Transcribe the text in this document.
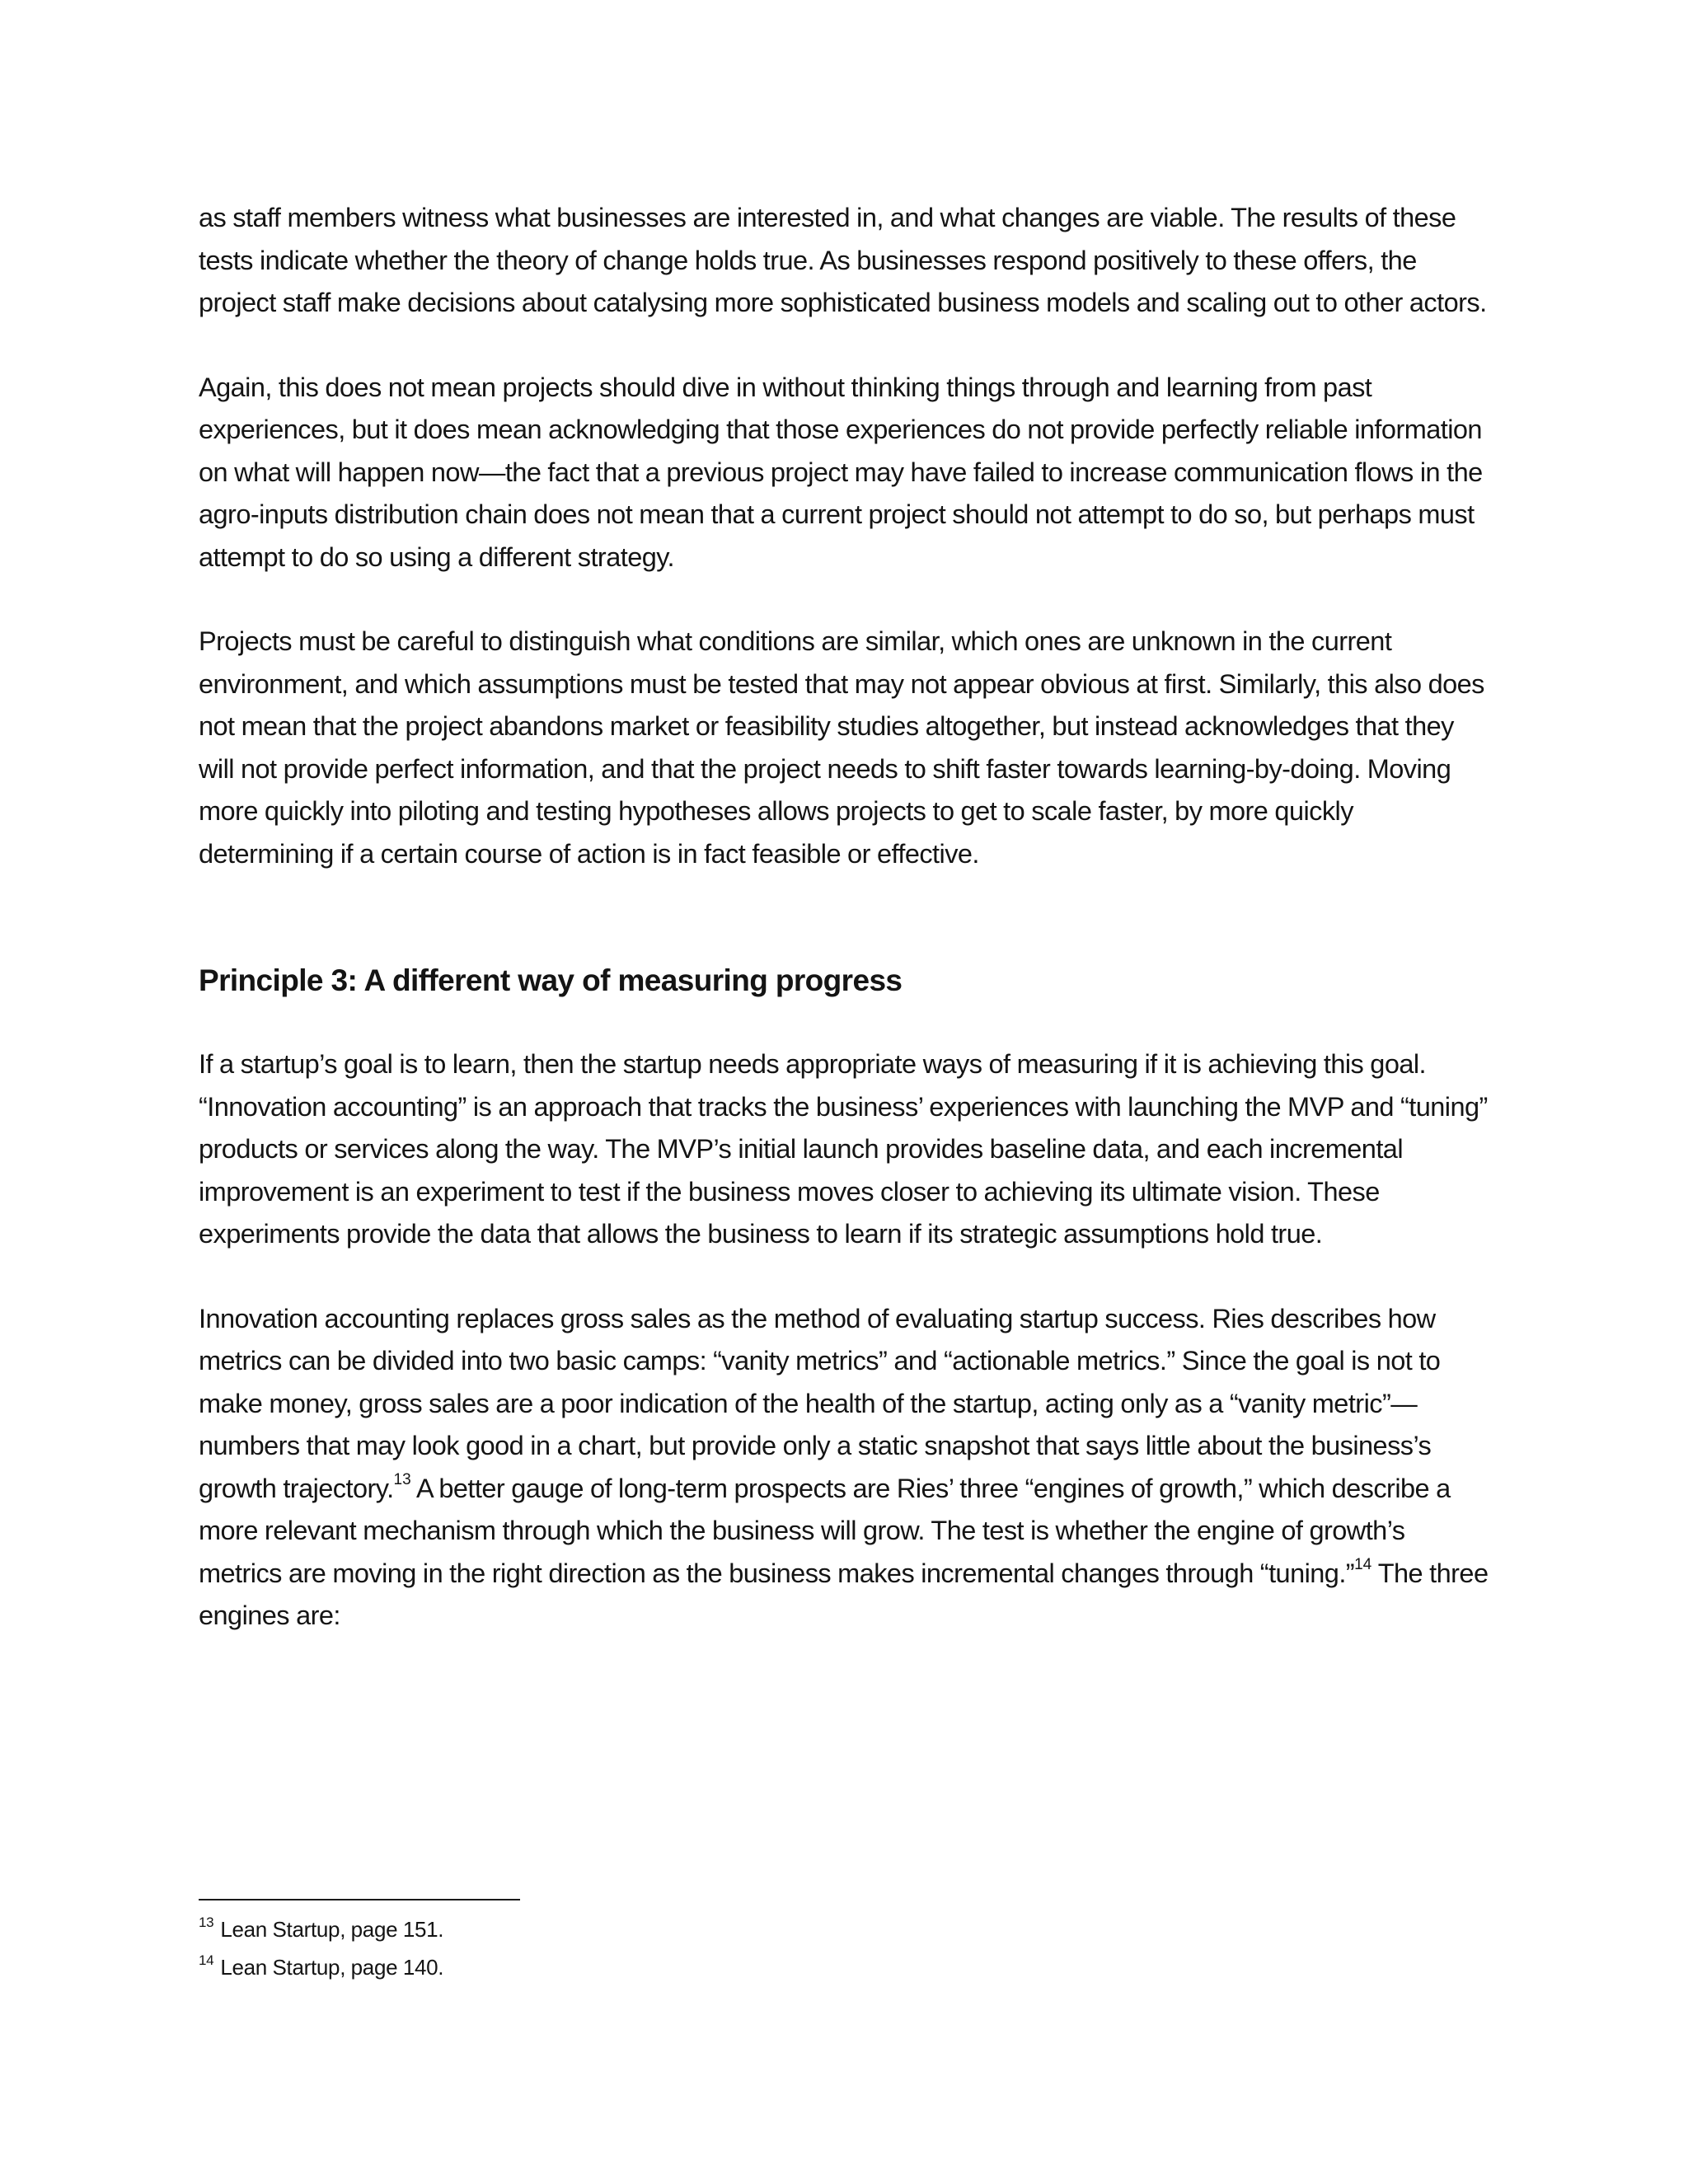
as staff members witness what businesses are interested in, and what changes are viable. The results of these tests indicate whether the theory of change holds true. As businesses respond positively to these offers, the project staff make decisions about catalysing more sophisticated business models and scaling out to other actors.

Again, this does not mean projects should dive in without thinking things through and learning from past experiences, but it does mean acknowledging that those experiences do not provide perfectly reliable information on what will happen now—the fact that a previous project may have failed to increase communication flows in the agro-inputs distribution chain does not mean that a current project should not attempt to do so, but perhaps must attempt to do so using a different strategy.

Projects must be careful to distinguish what conditions are similar, which ones are unknown in the current environment, and which assumptions must be tested that may not appear obvious at first. Similarly, this also does not mean that the project abandons market or feasibility studies altogether, but instead acknowledges that they will not provide perfect information, and that the project needs to shift faster towards learning-by-doing. Moving more quickly into piloting and testing hypotheses allows projects to get to scale faster, by more quickly determining if a certain course of action is in fact feasible or effective.

Principle 3: A different way of measuring progress

If a startup’s goal is to learn, then the startup needs appropriate ways of measuring if it is achieving this goal. “Innovation accounting” is an approach that tracks the business’ experiences with launching the MVP and “tuning” products or services along the way. The MVP’s initial launch provides baseline data, and each incremental improvement is an experiment to test if the business moves closer to achieving its ultimate vision. These experiments provide the data that allows the business to learn if its strategic assumptions hold true.

Innovation accounting replaces gross sales as the method of evaluating startup success. Ries describes how metrics can be divided into two basic camps: “vanity metrics” and “actionable metrics.” Since the goal is not to make money, gross sales are a poor indication of the health of the startup, acting only as a “vanity metric”—numbers that may look good in a chart, but provide only a static snapshot that says little about the business’s growth trajectory.$^{13}$ A better gauge of long-term prospects are Ries’ three “engines of growth,” which describe a more relevant mechanism through which the business will grow. The test is whether the engine of growth’s metrics are moving in the right direction as the business makes incremental changes through “tuning.”$^{14}$ The three engines are:

$^{13}$ Lean Startup, page 151.

$^{14}$ Lean Startup, page 140.
